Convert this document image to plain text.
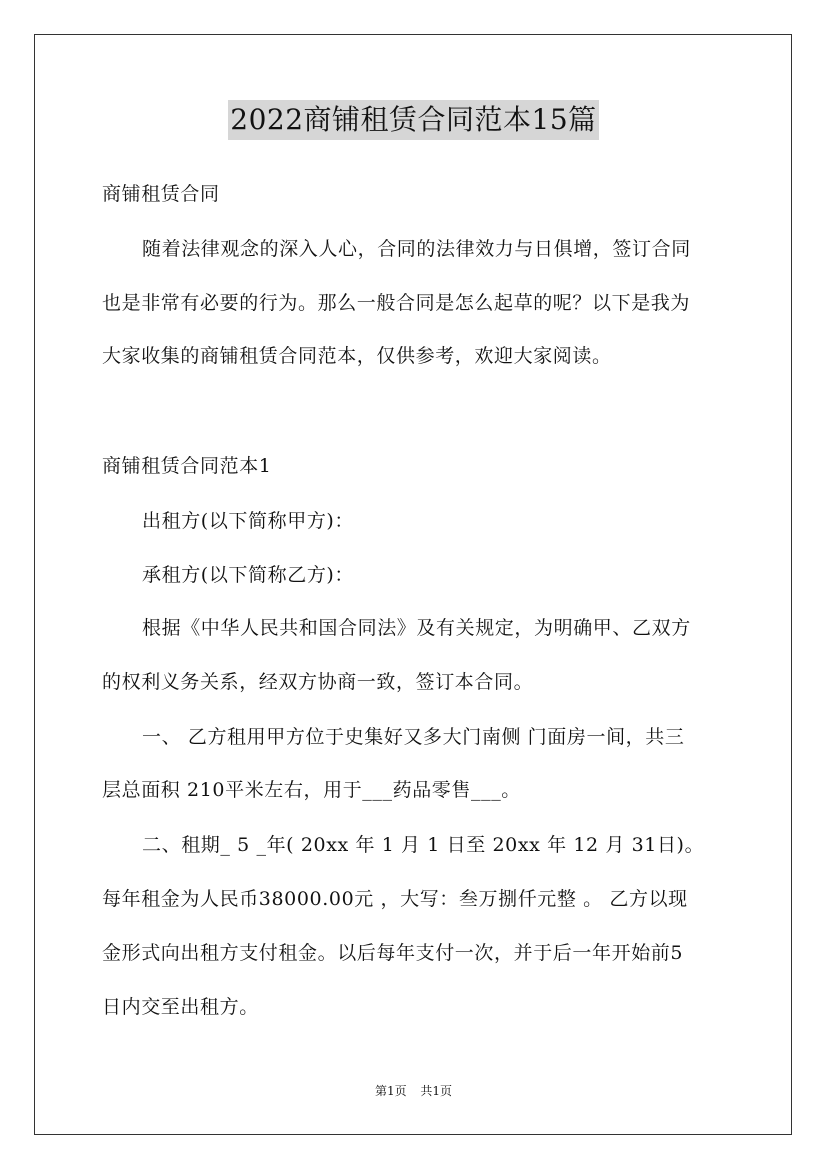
2022商铺租赁合同范本15篇
商铺租赁合同
随着法律观念的深入人心，合同的法律效力与日俱增，签订合同
也是非常有必要的行为。那么一般合同是怎么起草的呢？以下是我为
大家收集的商铺租赁合同范本，仅供参考，欢迎大家阅读。
商铺租赁合同范本1
出租方(以下简称甲方)：
承租方(以下简称乙方)：
根据《中华人民共和国合同法》及有关规定，为明确甲、乙双方
的权利义务关系，经双方协商一致，签订本合同。
一、 乙方租用甲方位于史集好又多大门南侧 门面房一间，共三
层总面积 210平米左右，用于___药品零售___。
二、租期_ 5 _年( 20xx 年 1 月 1 日至 20xx 年 12 月 31日)。
每年租金为人民币38000.00元 ，大写：叁万捌仟元整 。 乙方以现
金形式向出租方支付租金。以后每年支付一次，并于后一年开始前5
日内交至出租方。
第1页 共1页
